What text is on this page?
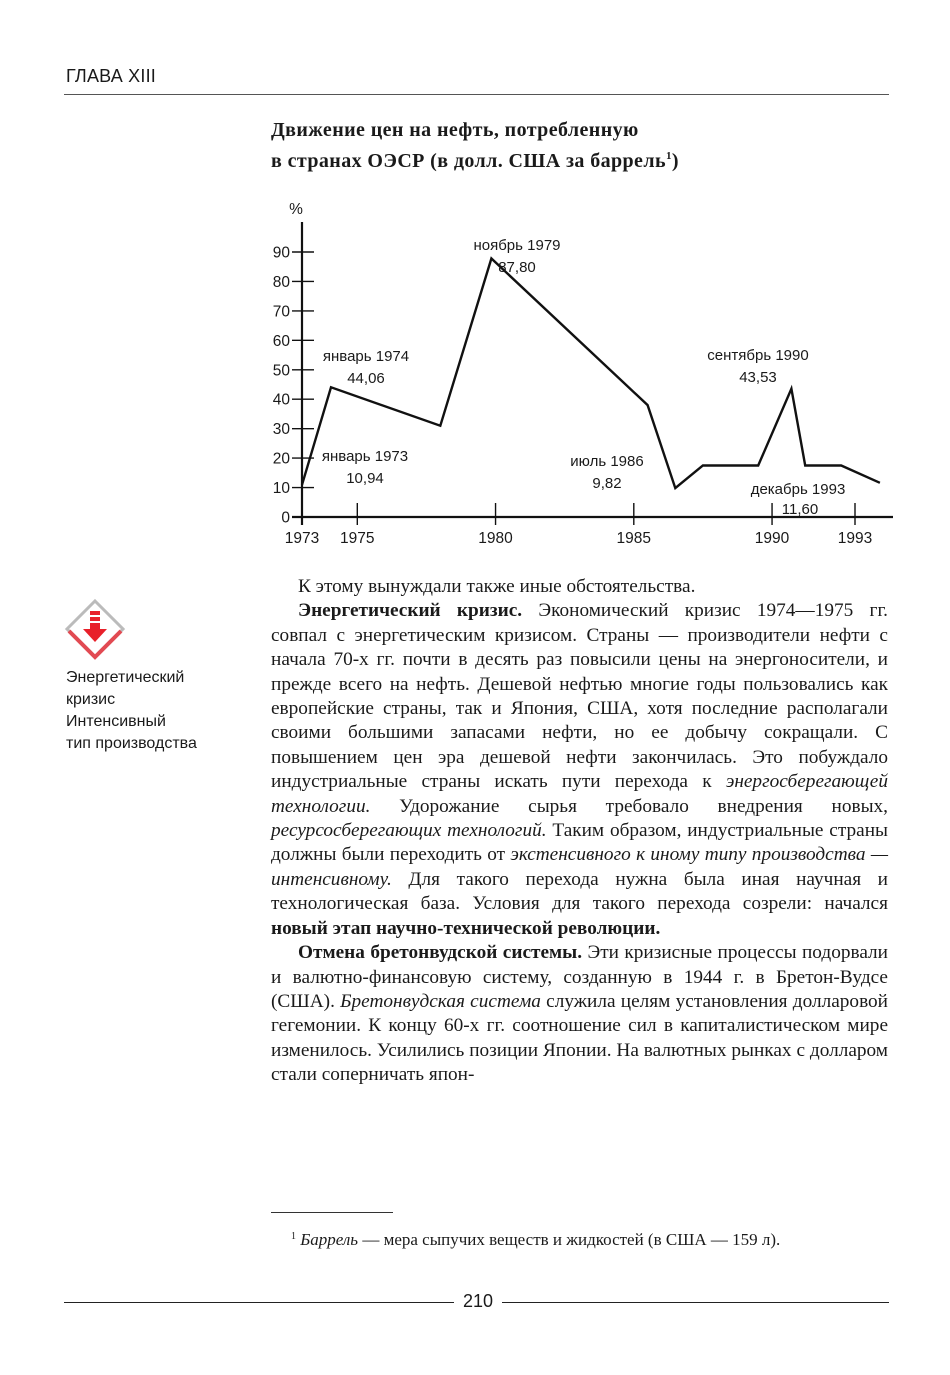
ГЛАВА XIII
Движение цен на нефть, потребленную
в странах ОЭСР (в долл. США за баррель$^1$)
%
0
10
20
30
40
50
60
70
80
90
1973 1975	1980	1985	1990	1993
январь 1973
10,94
январь 1974
44,06
ноябрь 1979
87,80
июль 1986
9,82
сентябрь 1990
43,53
декабрь 1993
11,60
Энергетический
кризис
Интенсивный
тип производства

К этому вынуждали также иные обстоятельства.

Энергетический кризис. Экономический кризис 1974—1975 гг. совпал с энергетическим кризисом. Страны — производители нефти с начала 70-х гг. почти в десять раз повысили цены на энергоносители, и прежде всего на нефть. Дешевой нефтью многие годы пользовались как европейские страны, так и Япония, США, хотя последние располагали своими большими запасами нефти, но ее добычу сокращали. С повышением цен эра дешевой нефти закончилась. Это побуждало индустриальные страны искать пути перехода к энергосберегающей технологии. Удорожание сырья требовало внедрения новых, ресурсосберегающих технологий. Таким образом, индустриальные страны должны были переходить от экстенсивного к иному типу производства — интенсивному. Для такого перехода нужна была иная научная и технологическая база. Условия для такого перехода созрели: начался новый этап научно-технической революции.

Отмена бретонвудской системы. Эти кризисные процессы подорвали и валютно-финансовую систему, созданную в 1944 г. в Бретон-Вудсе (США). Бретонвудская система служила целям установления долларовой гегемонии. К концу 60-х гг. соотношение сил в капиталистическом мире изменилось. Усилились позиции Японии. На валютных рынках с долларом стали соперничать япон-

$^1$ Баррель — мера сыпучих веществ и жидкостей (в США — 159 л).

210
